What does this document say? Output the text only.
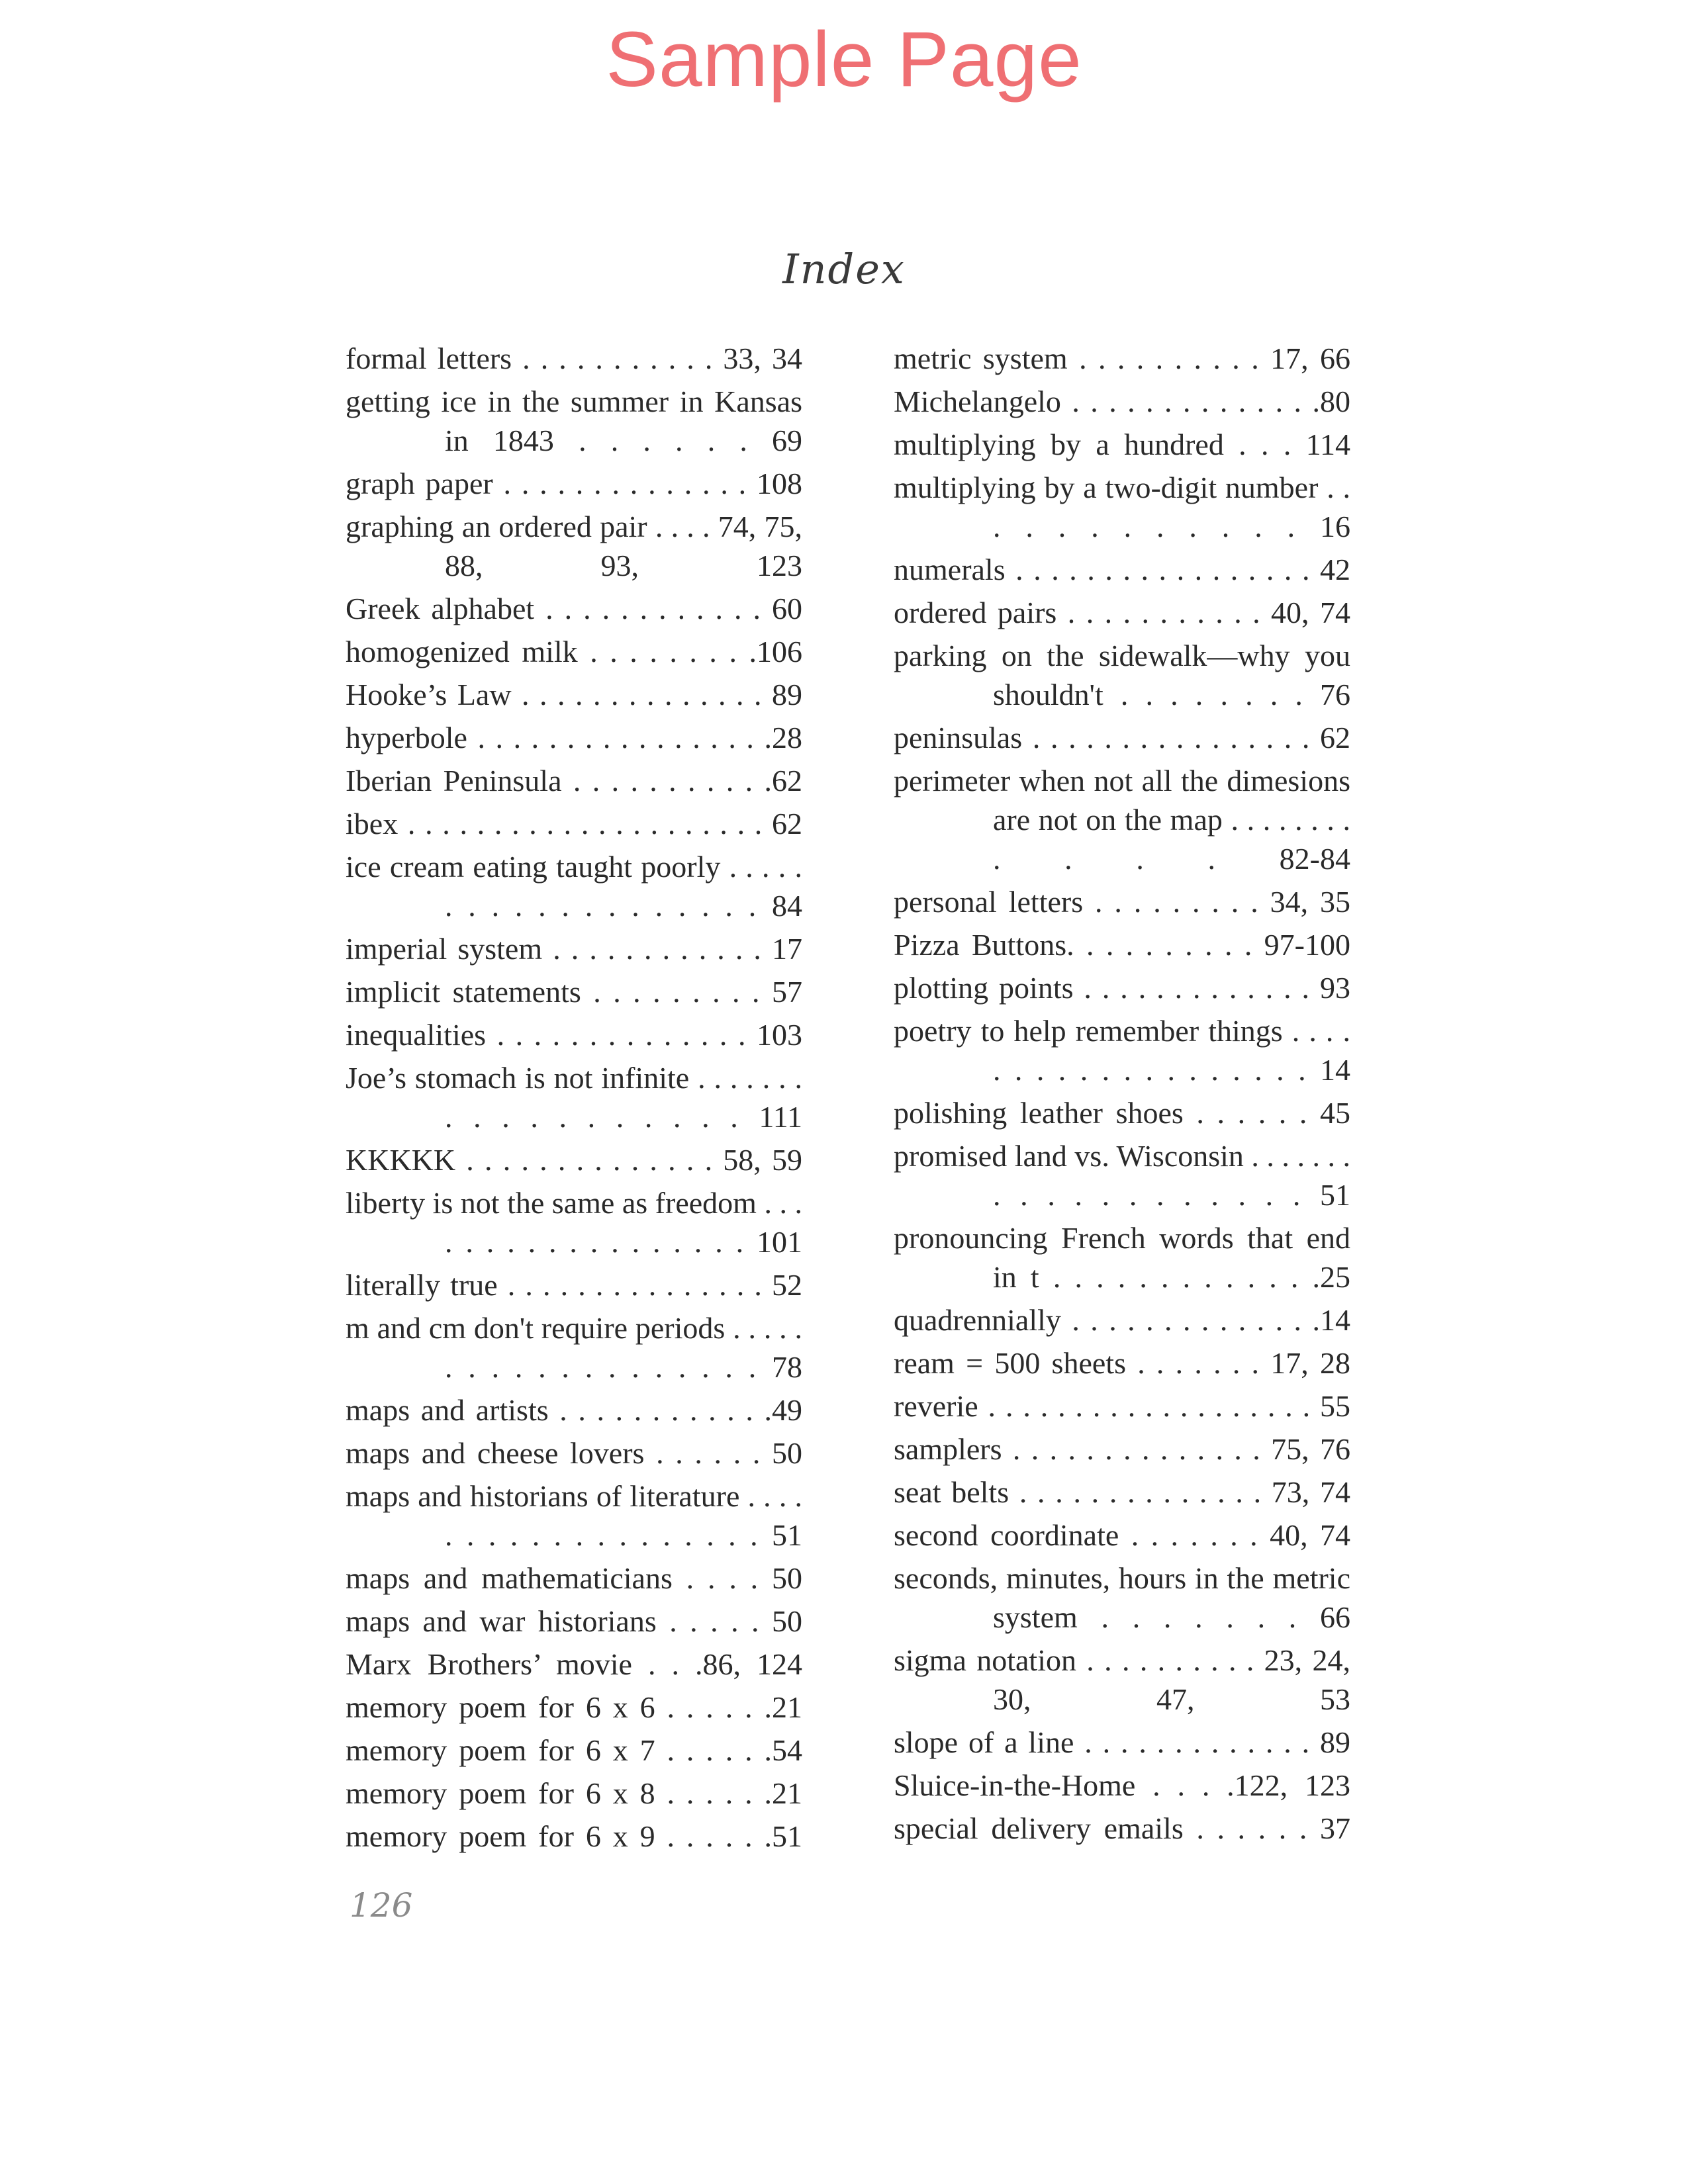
Sample Page
Index
formal letters . . . . . . . . . . . 33, 34
getting ice in the summer in Kansas in 1843 . . . . . . 69
graph paper . . . . . . . . . . . . . . 108
graphing an ordered pair . . . . 74, 75, 88, 93, 123
Greek alphabet . . . . . . . . . . . . 60
homogenized milk . . . . . . . . .106
Hooke’s Law . . . . . . . . . . . . . . 89
hyperbole . . . . . . . . . . . . . . . . .28
Iberian Peninsula . . . . . . . . . . .62
ibex . . . . . . . . . . . . . . . . . . . . . 62
ice cream eating taught poorly . . . . . . . . . . . . . . . . . . . 84
imperial system . . . . . . . . . . . . 17
implicit statements . . . . . . . . . 57
inequalities . . . . . . . . . . . . . . 103
Joe’s stomach is not infinite . . . . . . . . . . . . . . . . . . 111
KKKKK . . . . . . . . . . . . . . 58, 59
liberty is not the same as freedom . . . . . . . . . . . . . . . . . . 101
literally true . . . . . . . . . . . . . . . 52
m and cm don't require periods . . . . . . . . . . . . . . . . . . . 78
maps and artists . . . . . . . . . . . .49
maps and cheese lovers . . . . . . 50
maps and historians of literature . . . . . . . . . . . . . . . . . . . 51
maps and mathematicians . . . . 50
maps and war historians . . . . . 50
Marx Brothers’ movie . . .86, 124
memory poem for 6 x 6 . . . . . .21
memory poem for 6 x 7 . . . . . .54
memory poem for 6 x 8 . . . . . .21
memory poem for 6 x 9 . . . . . .51
metric system . . . . . . . . . . 17, 66
Michelangelo . . . . . . . . . . . . . .80
multiplying by a hundred . . . 114
multiplying by a two-digit number . . . . . . . . . . . . 16
numerals . . . . . . . . . . . . . . . . . 42
ordered pairs . . . . . . . . . . . 40, 74
parking on the sidewalk—why you shouldn't . . . . . . . . 76
peninsulas . . . . . . . . . . . . . . . . 62
perimeter when not all the dimesions are not on the map . . . . . . . . . . . . 82-84
personal letters . . . . . . . . . 34, 35
Pizza Buttons. . . . . . . . . . 97-100
plotting points . . . . . . . . . . . . . 93
poetry to help remember things . . . . . . . . . . . . . . . . . . . 14
polishing leather shoes . . . . . . 45
promised land vs. Wisconsin . . . . . . . . . . . . . . . . . . . 51
pronouncing French words that end in t . . . . . . . . . . . . .25
quadrennially . . . . . . . . . . . . . .14
ream = 500 sheets . . . . . . . 17, 28
reverie . . . . . . . . . . . . . . . . . . . 55
samplers . . . . . . . . . . . . . . 75, 76
seat belts . . . . . . . . . . . . . . 73, 74
second coordinate . . . . . . . 40, 74
seconds, minutes, hours in the metric system . . . . . . . 66
sigma notation . . . . . . . . . . 23, 24, 30, 47, 53
slope of a line . . . . . . . . . . . . . 89
Sluice-in-the-Home . . . .122, 123
special delivery emails . . . . . . 37
126
